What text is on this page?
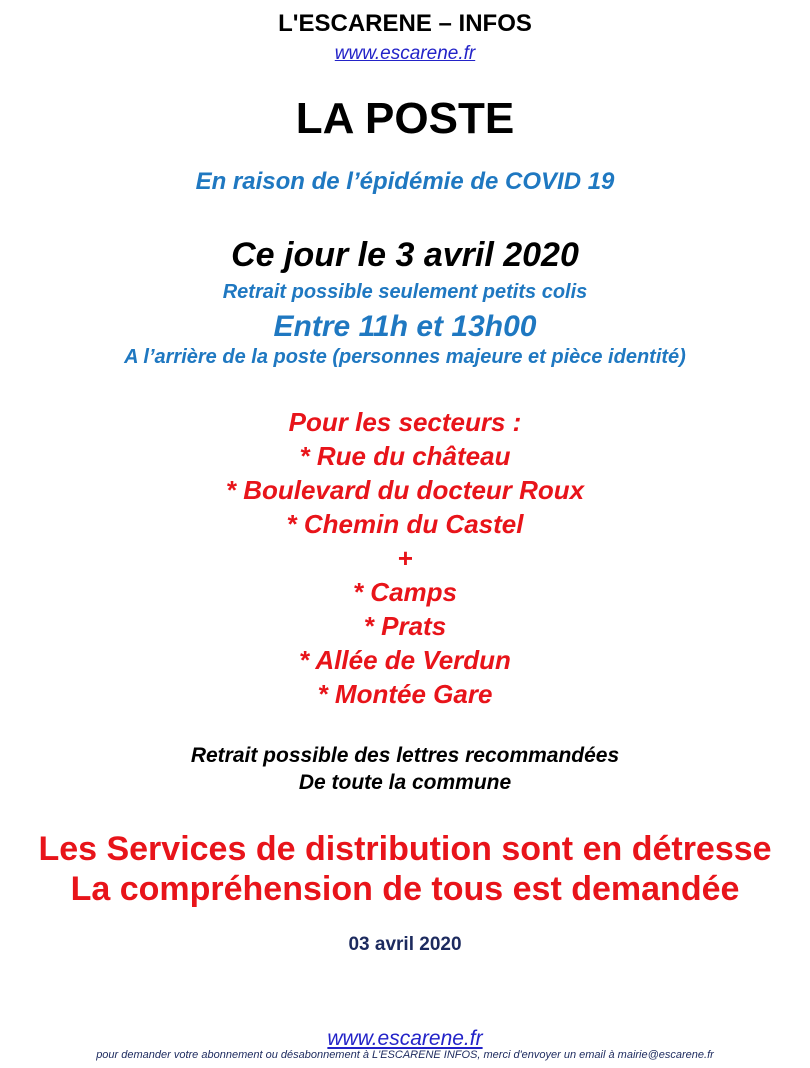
L'ESCARENE – INFOS
www.escarene.fr
LA POSTE
En raison de l’épidémie de COVID 19
Ce jour le 3 avril 2020
Retrait possible seulement petits colis
Entre 11h et 13h00
A l’arrière de la poste (personnes majeure et pièce identité)
Pour les secteurs :
* Rue du château
* Boulevard du docteur Roux
* Chemin du Castel
+
* Camps
* Prats
* Allée de Verdun
* Montée Gare
Retrait possible des lettres recommandées
De toute la commune
Les Services de distribution sont en détresse
La compréhension de tous est demandée
03 avril 2020
www.escarene.fr
pour demander votre abonnement ou désabonnement à L'ESCARENE INFOS, merci d'envoyer un email à mairie@escarene.fr
